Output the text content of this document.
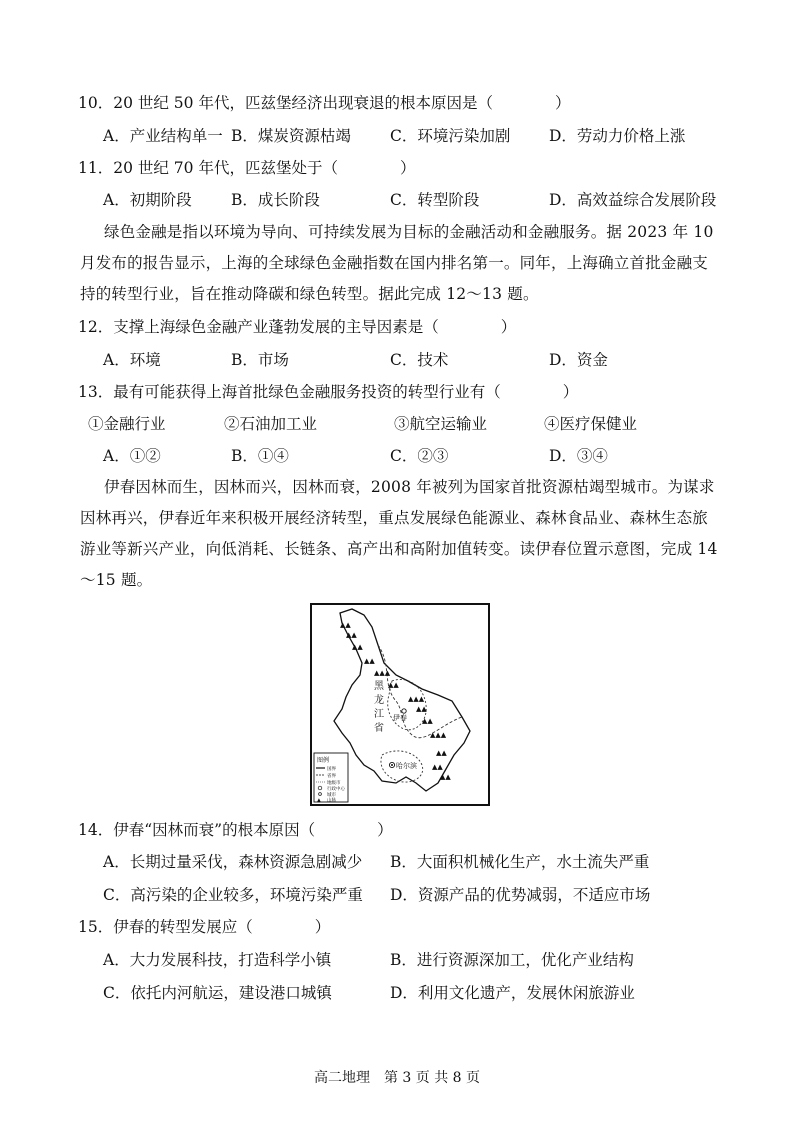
10．20 世纪 50 年代，匹兹堡经济出现衰退的根本原因是（　　　　）
A．产业结构单一 B．煤炭资源枯竭	C．环境污染加剧 D．劳动力价格上涨
11．20 世纪 70 年代，匹兹堡处于（　　　　）
A．初期阶段	B．成长阶段	C．转型阶段	D．高效益综合发展阶段
绿色金融是指以环境为导向、可持续发展为目标的金融活动和金融服务。据 2023 年 10 月发布的报告显示，上海的全球绿色金融指数在国内排名第一。同年，上海确立首批金融支持的转型行业，旨在推动降碳和绿色转型。据此完成 12～13 题。
12．支撑上海绿色金融产业蓬勃发展的主导因素是（　　　　）
A．环境	B．市场	C．技术	D．资金
13．最有可能获得上海首批绿色金融服务投资的转型行业有（　　　　）
①金融行业	②石油加工业	③航空运输业	④医疗保健业
A．①②	B．①④	C．②③	D．③④
伊春因林而生，因林而兴，因林而衰，2008 年被列为国家首批资源枯竭型城市。为谋求因林再兴，伊春近年来积极开展经济转型，重点发展绿色能源业、森林食品业、森林生态旅游业等新兴产业，向低消耗、长链条、高产出和高附加值转变。读伊春位置示意图，完成 14～15 题。
▲▲
▲▲
▲▲
▲▲
▲▲▲
▲▲
▲▲▲
▲▲
▲▲
▲▲▲
▲▲
▲▲
▲▲
黑
龙
江
省
伊春
哈尔滨
图例
国界
省界
地级市
行政中心
城市
▲ 山脉
14．伊春“因林而衰”的根本原因（　　　　）
A．长期过量采伐，森林资源急剧减少 B．大面积机械化生产，水土流失严重
C．高污染的企业较多，环境污染严重 D．资源产品的优势减弱，不适应市场
15．伊春的转型发展应（　　　　）
A．大力发展科技，打造科学小镇	B．进行资源深加工，优化产业结构
C．依托内河航运，建设港口城镇	D．利用文化遗产，发展休闲旅游业
高二地理　第 3 页 共 8 页
